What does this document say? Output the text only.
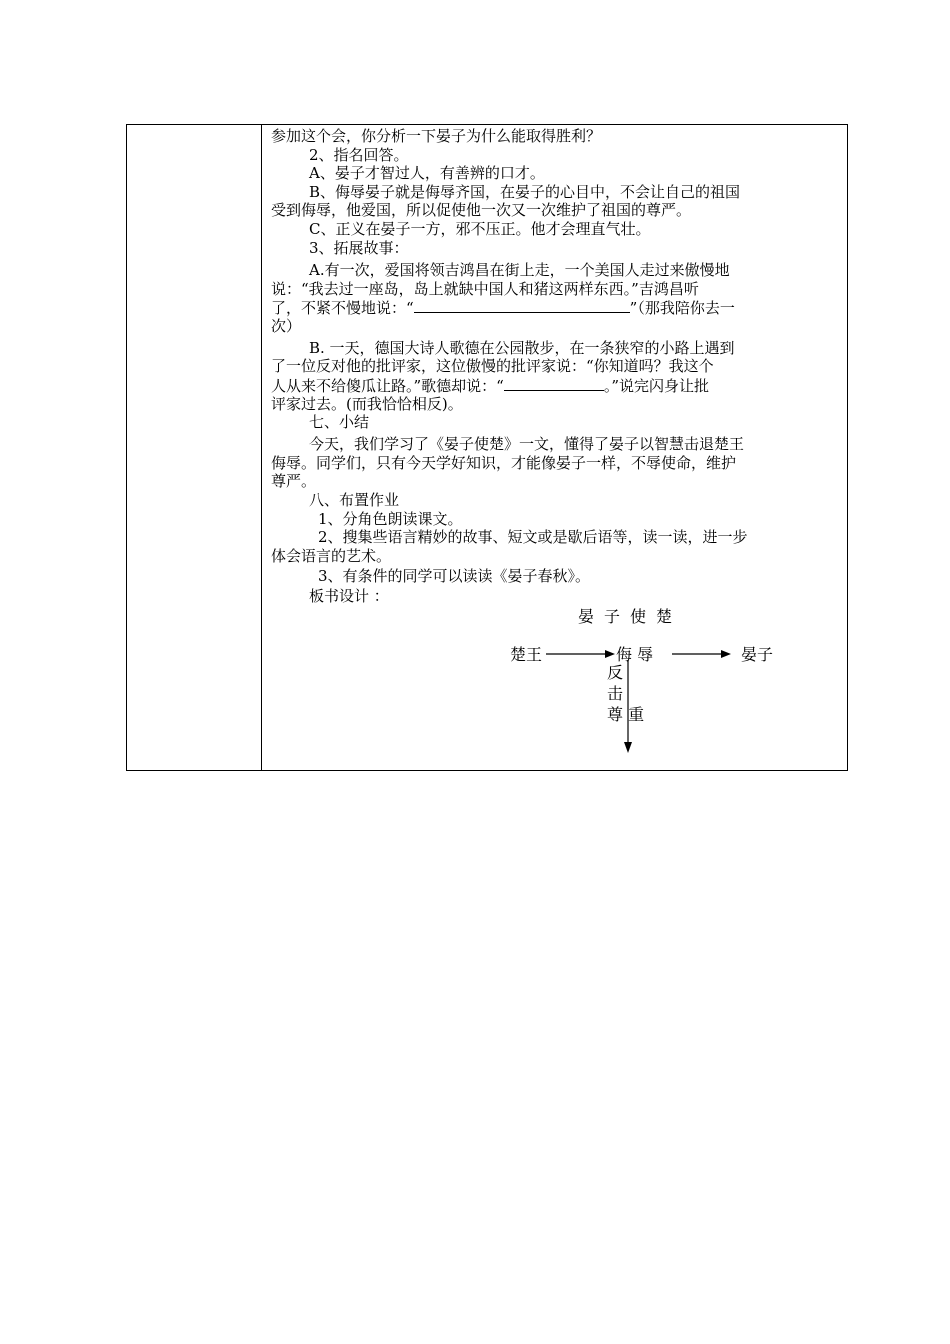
参加这个会，你分析一下晏子为什么能取得胜利？
2、指名回答。
A、晏子才智过人，有善辨的口才。
B、侮辱晏子就是侮辱齐国，在晏子的心目中，不会让自己的祖国
受到侮辱，他爱国，所以促使他一次又一次维护了祖国的尊严。
C、正义在晏子一方，邪不压正。他才会理直气壮。
3、拓展故事：
A.有一次，爱国将领吉鸿昌在街上走，一个美国人走过来傲慢地
说：“我去过一座岛，岛上就缺中国人和猪这两样东西。”吉鸿昌听
了，不紧不慢地说：“	”（那我陪你去一
次）
B. 一天，德国大诗人歌德在公园散步，在一条狭窄的小路上遇到
了一位反对他的批评家，这位傲慢的批评家说：“你知道吗？我这个
人从来不给傻瓜让路。”歌德却说：“	。”说完闪身让批
评家过去。(而我恰恰相反)。
七、小结
今天，我们学习了《晏子使楚》一文，懂得了晏子以智慧击退楚王
侮辱。同学们，只有今天学好知识，才能像晏子一样，不辱使命，维护
尊严。
八、布置作业
1、分角色朗读课文。
2、搜集些语言精妙的故事、短文或是歇后语等，读一读，进一步
体会语言的艺术。
3、有条件的同学可以读读《晏子春秋》。
板书设计 ：
晏子使楚
楚王	侮 辱	晏子
反
击
尊 重
